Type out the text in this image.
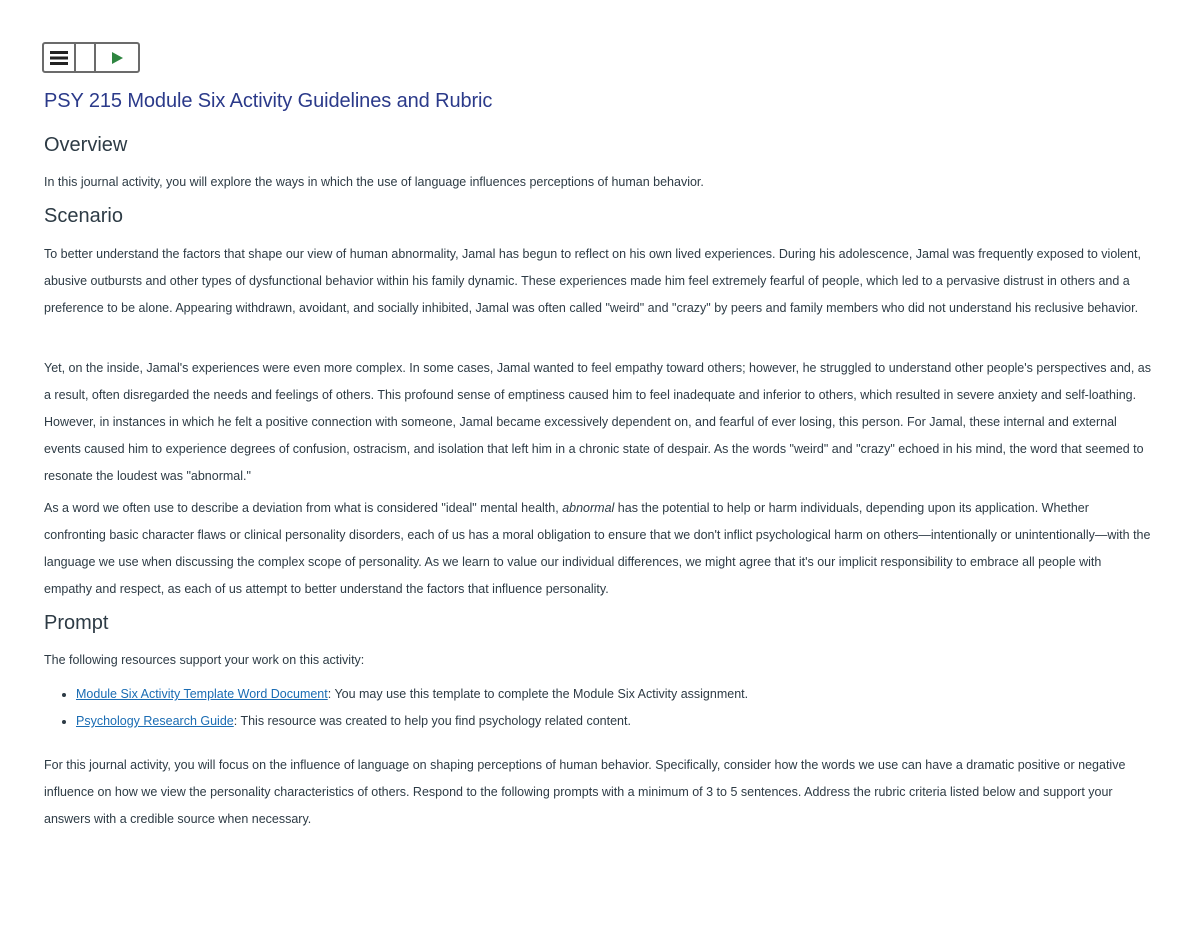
PSY 215 Module Six Activity Guidelines and Rubric
Overview

In this journal activity, you will explore the ways in which the use of language influences perceptions of human behavior.

Scenario

To better understand the factors that shape our view of human abnormality, Jamal has begun to reflect on his own lived experiences. During his adolescence, Jamal was frequently exposed to violent, abusive outbursts and other types of dysfunctional behavior within his family dynamic. These experiences made him feel extremely fearful of people, which led to a pervasive distrust in others and a preference to be alone. Appearing withdrawn, avoidant, and socially inhibited, Jamal was often called "weird" and "crazy" by peers and family members who did not understand his reclusive behavior.

Yet, on the inside, Jamal's experiences were even more complex. In some cases, Jamal wanted to feel empathy toward others; however, he struggled to understand other people's perspectives and, as a result, often disregarded the needs and feelings of others. This profound sense of emptiness caused him to feel inadequate and inferior to others, which resulted in severe anxiety and self-loathing. However, in instances in which he felt a positive connection with someone, Jamal became excessively dependent on, and fearful of ever losing, this person. For Jamal, these internal and external events caused him to experience degrees of confusion, ostracism, and isolation that left him in a chronic state of despair. As the words "weird" and "crazy" echoed in his mind, the word that seemed to resonate the loudest was "abnormal."

As a word we often use to describe a deviation from what is considered "ideal" mental health, abnormal has the potential to help or harm individuals, depending upon its application. Whether confronting basic character flaws or clinical personality disorders, each of us has a moral obligation to ensure that we don't inflict psychological harm on others—intentionally or unintentionally—with the language we use when discussing the complex scope of personality. As we learn to value our individual differences, we might agree that it's our implicit responsibility to embrace all people with empathy and respect, as each of us attempt to better understand the factors that influence personality.

Prompt

The following resources support your work on this activity:

• Module Six Activity Template Word Document: You may use this template to complete the Module Six Activity assignment.
• Psychology Research Guide: This resource was created to help you find psychology related content.

For this journal activity, you will focus on the influence of language on shaping perceptions of human behavior. Specifically, consider how the words we use can have a dramatic positive or negative influence on how we view the personality characteristics of others. Respond to the following prompts with a minimum of 3 to 5 sentences. Address the rubric criteria listed below and support your answers with a credible source when necessary.
